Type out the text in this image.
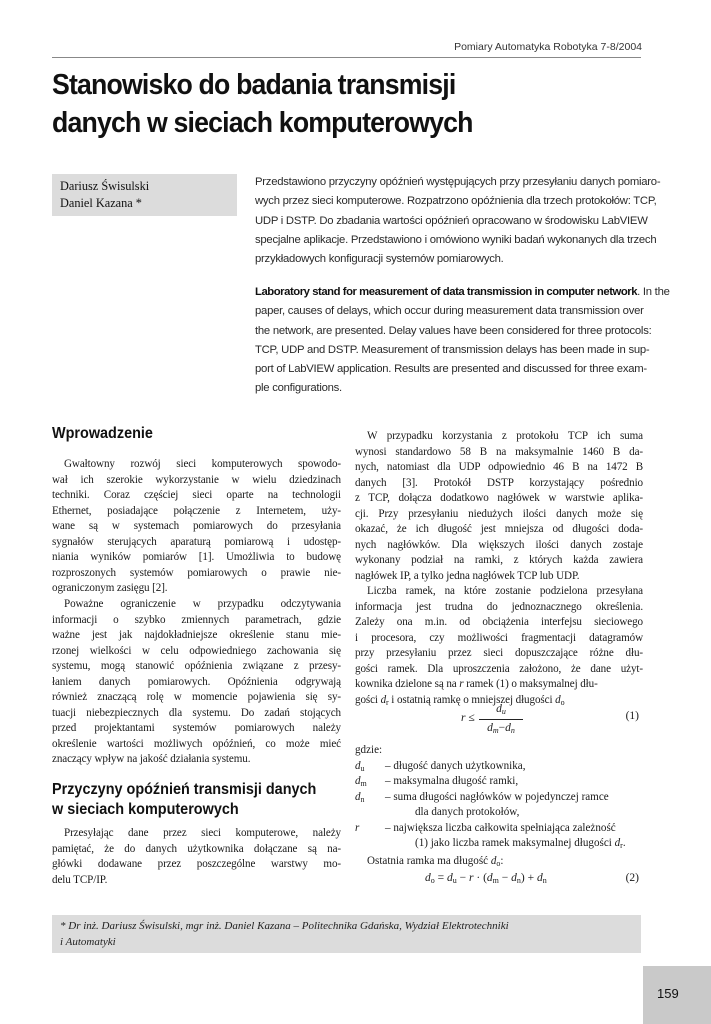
Pomiary Automatyka Robotyka 7-8/2004
Stanowisko do badania transmisji
danych w sieciach komputerowych
Dariusz Świsulski
Daniel Kazana *
Przedstawiono przyczyny opóźnień występujących przy przesyłaniu danych pomiaro-
wych przez sieci komputerowe. Rozpatrzono opóźnienia dla trzech protokołów: TCP,
UDP i DSTP. Do zbadania wartości opóźnień opracowano w środowisku LabVIEW
specjalne aplikacje. Przedstawiono i omówiono wyniki badań wykonanych dla trzech
przykładowych konfiguracji systemów pomiarowych.
Laboratory stand for measurement of data transmission in computer network. In the
paper, causes of delays, which occur during measurement data transmission over
the network, are presented. Delay values have been considered for three protocols:
TCP, UDP and DSTP. Measurement of transmission delays has been made in sup-
port of LabVIEW application. Results are presented and discussed for three exam-
ple configurations.
Wprowadzenie
Gwałtowny rozwój sieci komputerowych spowodo-
wał ich szerokie wykorzystanie w wielu dziedzinach
techniki. Coraz częściej sieci oparte na technologii
Ethernet, posiadające połączenie z Internetem, uży-
wane są w systemach pomiarowych do przesyłania
sygnałów sterujących aparaturą pomiarową i udostęp-
niania wyników pomiarów [1]. Umożliwia to budowę
rozproszonych systemów pomiarowych o prawie nie-
ograniczonym zasięgu [2].
Poważne ograniczenie w przypadku odczytywania
informacji o szybko zmiennych parametrach, gdzie
ważne jest jak najdokładniejsze określenie stanu mie-
rzonej wielkości w celu odpowiedniego zachowania się
systemu, mogą stanowić opóźnienia związane z przesy-
łaniem danych pomiarowych. Opóźnienia odgrywają
również znaczącą rolę w momencie pojawienia się sy-
tuacji niebezpiecznych dla systemu. Do zadań stojących
przed projektantami systemów pomiarowych należy
określenie wartości możliwych opóźnień, co może mieć
znaczący wpływ na jakość działania systemu.
Przyczyny opóźnień transmisji danych
w sieciach komputerowych
Przesyłając dane przez sieci komputerowe, należy
pamiętać, że do danych użytkownika dołączane są na-
główki dodawane przez poszczególne warstwy mo-
delu TCP/IP.
W przypadku korzystania z protokołu TCP ich suma
wynosi standardowo 58 B na maksymalnie 1460 B da-
nych, natomiast dla UDP odpowiednio 46 B na 1472 B
danych [3]. Protokół DSTP korzystający pośrednio
z TCP, dołącza dodatkowo nagłówek w warstwie aplika-
cji. Przy przesyłaniu niedużych ilości danych może się
okazać, że ich długość jest mniejsza od długości doda-
nych nagłówków. Dla większych ilości danych zostaje
wykonany podział na ramki, z których każda zawiera
nagłówek IP, a tylko jedna nagłówek TCP lub UDP.
Liczba ramek, na które zostanie podzielona przesyłana
informacja jest trudna do jednoznacznego określenia.
Zależy ona m.in. od obciążenia interfejsu sieciowego
i procesora, czy możliwości fragmentacji datagramów
przy przesyłaniu przez sieci dopuszczające różne dłu-
gości ramek. Dla uproszczenia założono, że dane użyt-
kownika dzielone są na r ramek (1) o maksymalnej dłu-
gości $d_r$ i ostatnią ramkę o mniejszej długości $d_o$
$r \le \frac{d_u}{d_m-d_n}$	(1)
gdzie:
$d_u$ – długość danych użytkownika,
$d_m$ – maksymalna długość ramki,
$d_n$ – suma długości nagłówków w pojedynczej ramce
dla danych protokołów,
r – największa liczba całkowita spełniająca zależność
(1) jako liczba ramek maksymalnej długości $d_r$.
Ostatnia ramka ma długość $d_o$:
$d_o = d_u - r \cdot (d_m - d_n) + d_n$	(2)
* Dr inż. Dariusz Świsulski, mgr inż. Daniel Kazana – Politechnika Gdańska, Wydział Elektrotechniki
i Automatyki
159
